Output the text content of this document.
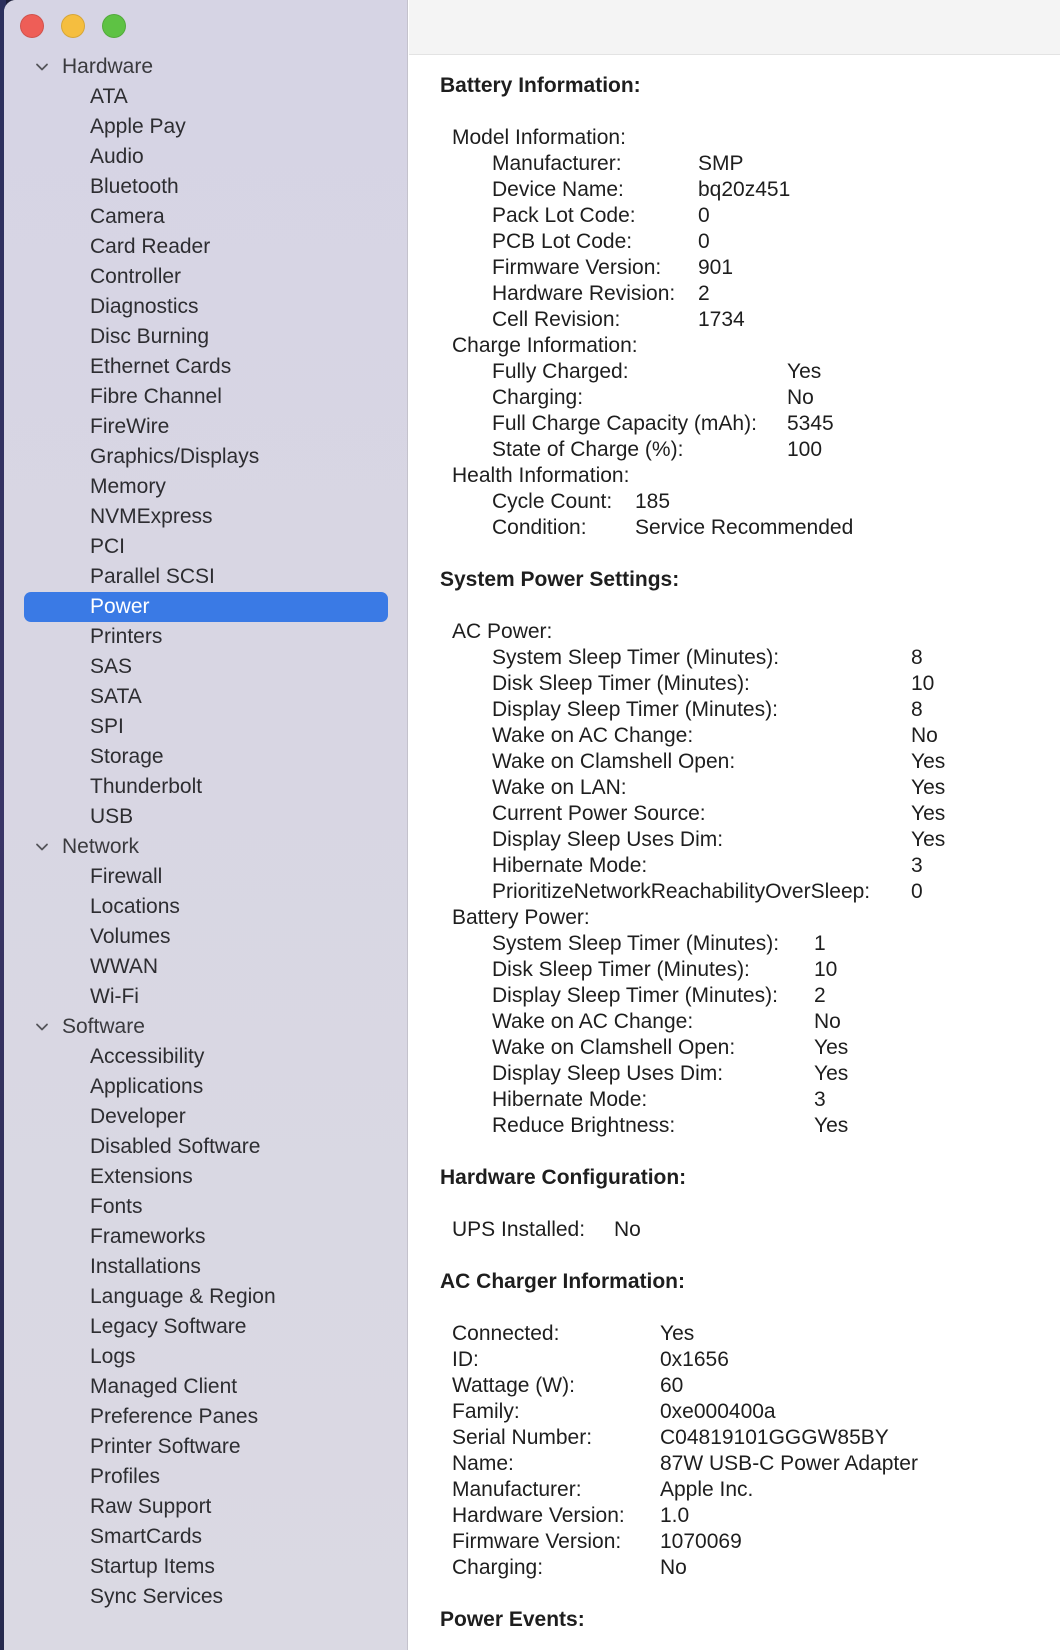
Hardware
ATA
Apple Pay
Audio
Bluetooth
Camera
Card Reader
Controller
Diagnostics
Disc Burning
Ethernet Cards
Fibre Channel
FireWire
Graphics/Displays
Memory
NVMExpress
PCI
Parallel SCSI
Power
Printers
SAS
SATA
SPI
Storage
Thunderbolt
USB
Network
Firewall
Locations
Volumes
WWAN
Wi-Fi
Software
Accessibility
Applications
Developer
Disabled Software
Extensions
Fonts
Frameworks
Installations
Language & Region
Legacy Software
Logs
Managed Client
Preference Panes
Printer Software
Profiles
Raw Support
SmartCards
Startup Items
Sync Services
Battery Information:
Model Information:
Manufacturer:	SMP
Device Name:	bq20z451
Pack Lot Code:	0
PCB Lot Code:	0
Firmware Version:	901
Hardware Revision:	2
Cell Revision:	1734
Charge Information:
Fully Charged:	Yes
Charging:	No
Full Charge Capacity (mAh):	5345
State of Charge (%):	100
Health Information:
Cycle Count:	185
Condition:	Service Recommended
System Power Settings:
AC Power:
System Sleep Timer (Minutes):	8
Disk Sleep Timer (Minutes):	10
Display Sleep Timer (Minutes):	8
Wake on AC Change:	No
Wake on Clamshell Open:	Yes
Wake on LAN:	Yes
Current Power Source:	Yes
Display Sleep Uses Dim:	Yes
Hibernate Mode:	3
PrioritizeNetworkReachabilityOverSleep:	0
Battery Power:
System Sleep Timer (Minutes):	1
Disk Sleep Timer (Minutes):	10
Display Sleep Timer (Minutes):	2
Wake on AC Change:	No
Wake on Clamshell Open:	Yes
Display Sleep Uses Dim:	Yes
Hibernate Mode:	3
Reduce Brightness:	Yes
Hardware Configuration:
UPS Installed:	No
AC Charger Information:
Connected:	Yes
ID:	0x1656
Wattage (W):	60
Family:	0xe000400a
Serial Number:	C04819101GGGW85BY
Name:	87W USB-C Power Adapter
Manufacturer:	Apple Inc.
Hardware Version:	1.0
Firmware Version:	1070069
Charging:	No
Power Events:
